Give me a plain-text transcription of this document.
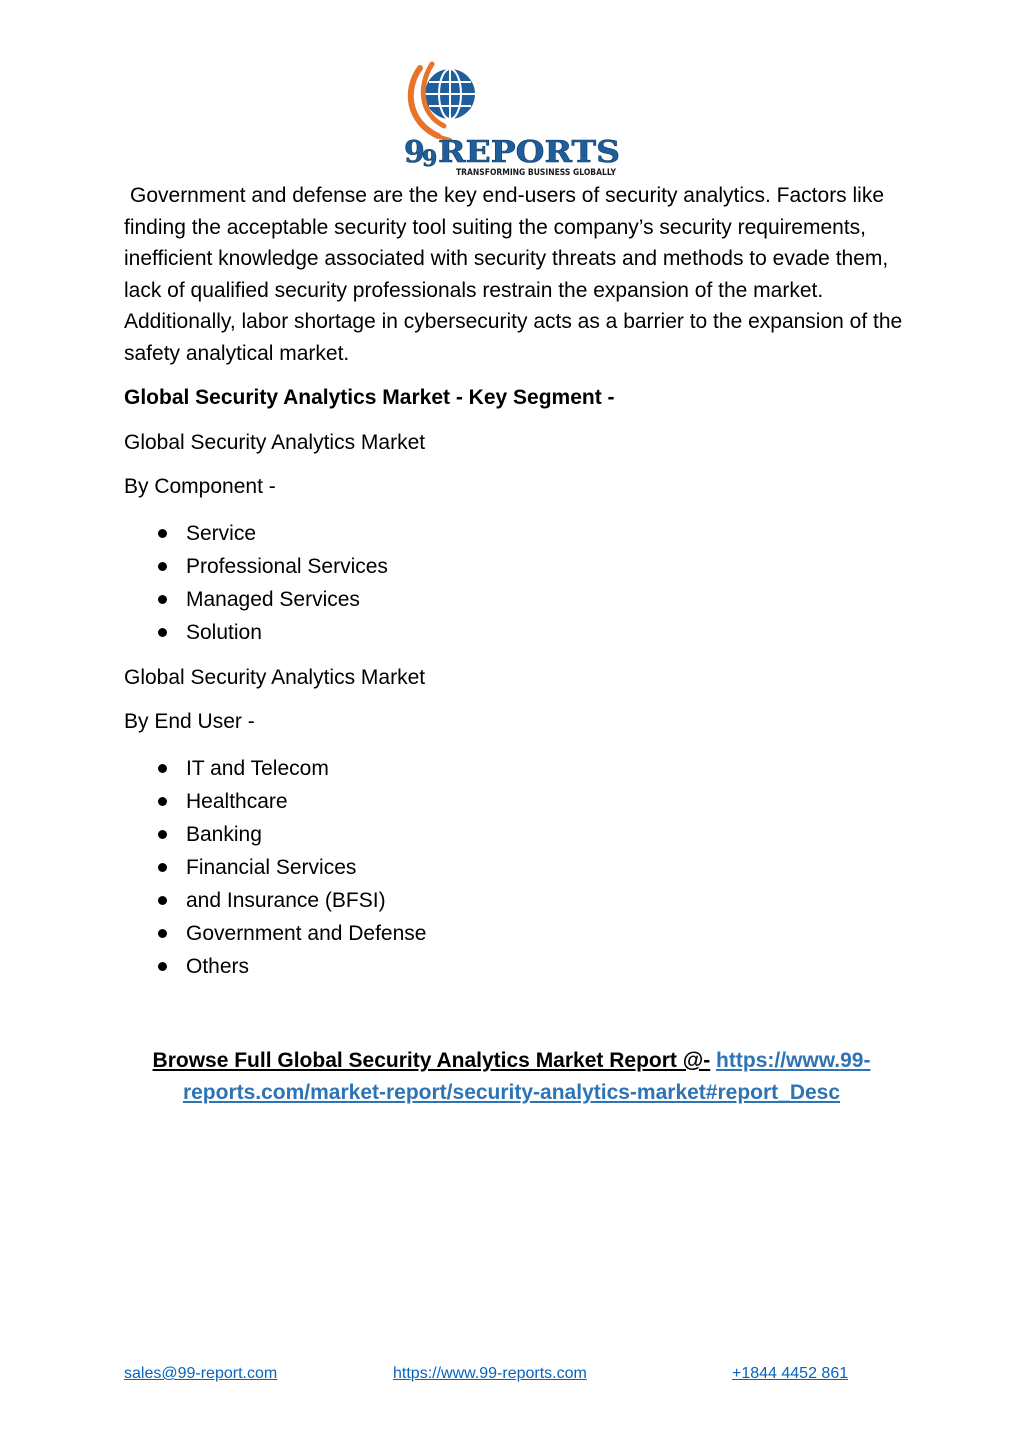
9
9 REPORTS
TRANSFORMING BUSINESS GLOBALLY

Government and defense are the key end-users of security analytics. Factors like finding the acceptable security tool suiting the company’s security requirements, inefficient knowledge associated with security threats and methods to evade them, lack of qualified security professionals restrain the expansion of the market. Additionally, labor shortage in cybersecurity acts as a barrier to the expansion of the safety analytical market.

Global Security Analytics Market - Key Segment -

Global Security Analytics Market

By Component -

Service
Professional Services
Managed Services
Solution

Global Security Analytics Market

By End User -

IT and Telecom
Healthcare
Banking
Financial Services
and Insurance (BFSI)
Government and Defense
Others
Browse Full Global Security Analytics Market Report @- https://www.99-reports.com/market-report/security-analytics-market#report_Desc
sales@99-report.com	https://www.99-reports.com	+1844 4452 861
